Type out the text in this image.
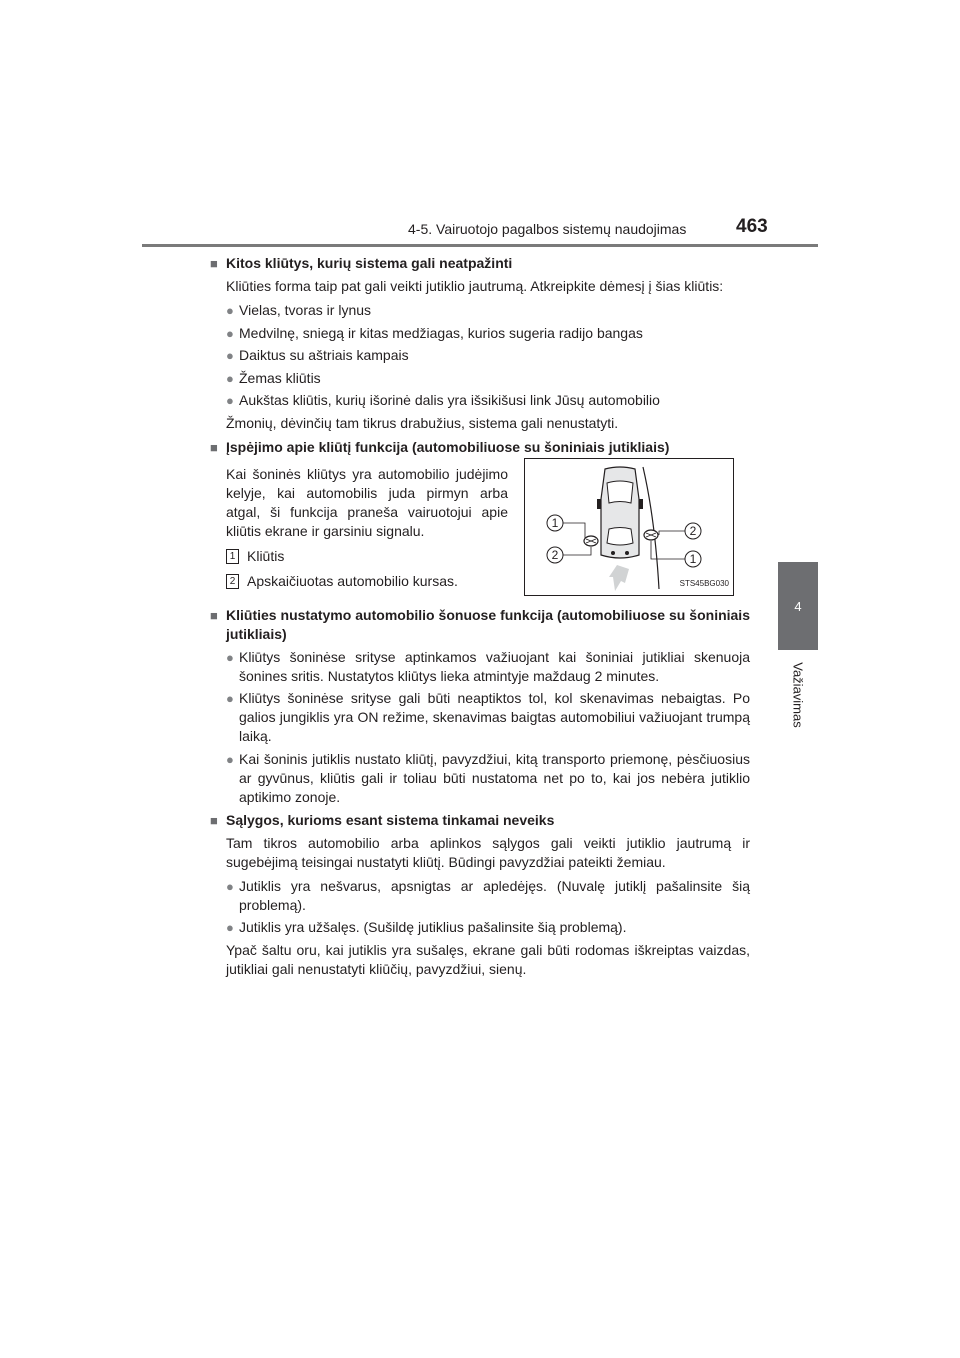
4-5. Vairuotojo pagalbos sistemų naudojimas	463
4
Važiavimas
■ Kitos kliūtys, kurių sistema gali neatpažinti
Kliūties forma taip pat gali veikti jutiklio jautrumą. Atkreipkite dėmesį į šias kliūtis:
● Vielas, tvoras ir lynus
● Medvilnę, sniegą ir kitas medžiagas, kurios sugeria radijo bangas
● Daiktus su aštriais kampais
● Žemas kliūtis
● Aukštas kliūtis, kurių išorinė dalis yra išsikišusi link Jūsų automobilio
Žmonių, dėvinčių tam tikrus drabužius, sistema gali nenustatyti.
■ Įspėjimo apie kliūtį funkcija (automobiliuose su šoniniais jutikliais)
Kai šoninės kliūtys yra automobilio judėjimo kelyje, kai automobilis juda pirmyn arba atgal, ši funkcija praneša vairuotojui apie kliūtis ekrane ir garsiniu signalu.
1 Kliūtis
2 Apskaičiuotas automobilio kursas.
1
2
2
1
STS45BG030
■ Kliūties nustatymo automobilio šonuose funkcija (automobiliuose su šoniniais jutikliais)
● Kliūtys šoninėse srityse aptinkamos važiuojant kai šoniniai jutikliai skenuoja šonines sritis. Nustatytos kliūtys lieka atmintyje maždaug 2 minutes.
● Kliūtys šoninėse srityse gali būti neaptiktos tol, kol skenavimas nebaigtas. Po galios jungiklis yra ON režime, skenavimas baigtas automobiliui važiuojant trumpą laiką.
● Kai šoninis jutiklis nustato kliūtį, pavyzdžiui, kitą transporto priemonę, pėsčiuosius ar gyvūnus, kliūtis gali ir toliau būti nustatoma net po to, kai jos nebėra jutiklio aptikimo zonoje.
■ Sąlygos, kurioms esant sistema tinkamai neveiks
Tam tikros automobilio arba aplinkos sąlygos gali veikti jutiklio jautrumą ir sugebėjimą teisingai nustatyti kliūtį. Būdingi pavyzdžiai pateikti žemiau.
● Jutiklis yra nešvarus, apsnigtas ar apledėjęs. (Nuvalę jutiklį pašalinsite šią problemą).
● Jutiklis yra užšalęs. (Sušildę jutiklius pašalinsite šią problemą).
Ypač šaltu oru, kai jutiklis yra sušalęs, ekrane gali būti rodomas iškreiptas vaizdas, jutikliai gali nenustatyti kliūčių, pavyzdžiui, sienų.
